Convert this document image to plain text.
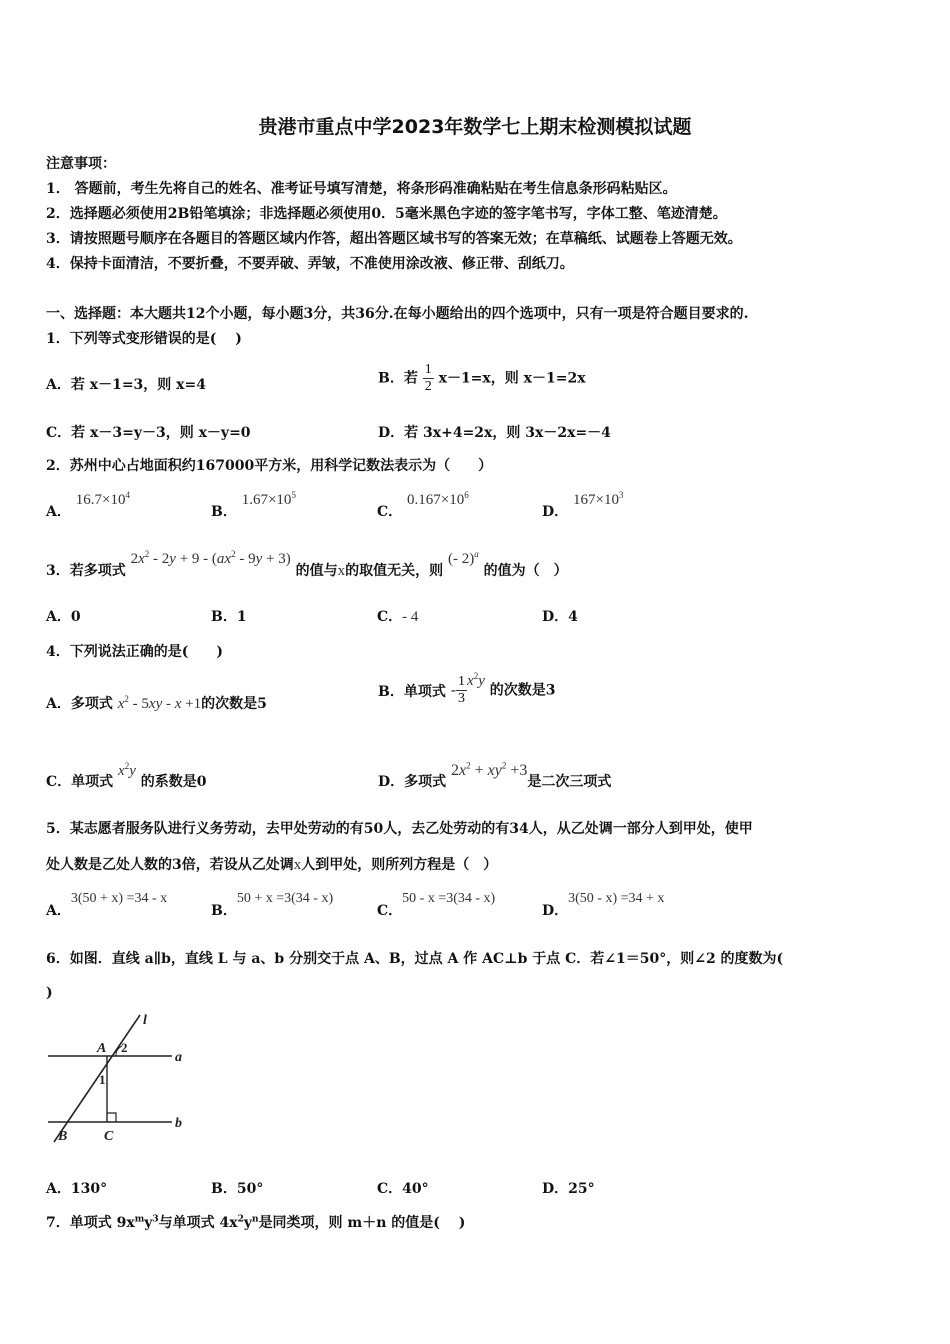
贵港市重点中学2023年数学七上期末检测模拟试题
注意事项：
1． 答题前，考生先将自己的姓名、准考证号填写清楚，将条形码准确粘贴在考生信息条形码粘贴区。
2．选择题必须使用2B铅笔填涂；非选择题必须使用0．5毫米黑色字迹的签字笔书写，字体工整、笔迹清楚。
3．请按照题号顺序在各题目的答题区域内作答，超出答题区域书写的答案无效；在草稿纸、试题卷上答题无效。
4．保持卡面清洁，不要折叠，不要弄破、弄皱，不准使用涂改液、修正带、刮纸刀。
一、选择题：本大题共12个小题，每小题3分，共36分.在每小题给出的四个选项中，只有一项是符合题目要求的.
1．下列等式变形错误的是(　 )
A．若 x－1=3，则 x=4	B．若 $\frac{1}{2} x-1=x$，则 x－1=2x
C．若 x－3=y－3，则 x－y=0	D．若 3x+4=2x，则 3x－2x=－4
2．苏州中心占地面积约167000平方米，用科学记数法表示为（　　）
A． $16.7\times 10^4$
B． $1.67\times 10^5$
C． $0.167\times 10^6$
D． $167\times 10^3$
3．若多项式 $2x^2 - 2y + 9 - (ax^2 - 9y + 3)$ 的值与x的取值无关，则 (- 2)$^a$ 的值为（　）
A．0	B．1	C．- 4	D．4
4．下列说法正确的是(　　)
A．多项式 $x^2 - 5xy - x +1$的次数是5
B．单项式 - $\frac{1}{3} x^2y$ 的次数是3
C．单项式 $x^2y$ 的系数是0	D．多项式 $2x^2 + xy^2 +3$是二次三项式
5．某志愿者服务队进行义务劳动，去甲处劳动的有50人，去乙处劳动的有34人，从乙处调一部分人到甲处，使甲
处人数是乙处人数的3倍，若设从乙处调x人到甲处，则所列方程是（　）
A．3(50 + x) =34 - x
B．50 + x =3(34 - x)
C．50 - x =3(34 - x)
D．3(50 - x) =34 + x
6．如图．直线 a∥b，直线 L 与 a、b 分别交于点 A、B，过点 A 作 AC⊥b 于点 C．若∠1＝50°，则∠2 的度数为(
)
l
a
b
A
B	C
1
2
A．130°	B．50°	C．40°	D．25°
7．单项式 $9x^my^3$与单项式 $4x^2y^n$是同类项，则 m＋n 的值是(　 )
